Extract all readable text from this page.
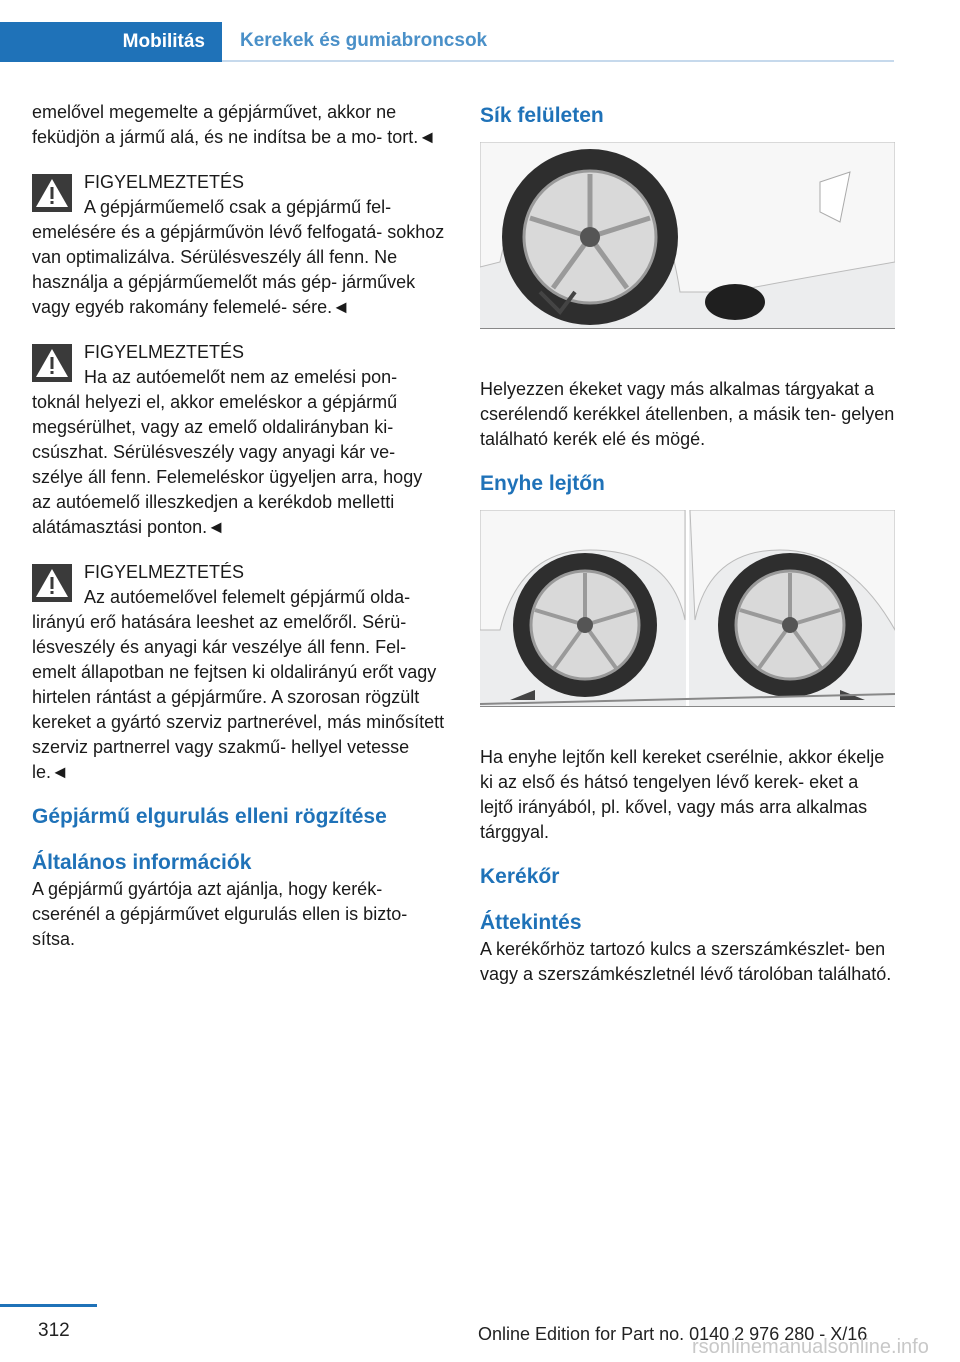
Mobilitás Kerekek és gumiabroncsok

emelővel megemelte a gépjárművet, akkor ne feküdjön a jármű alá, és ne indítsa be a mo‐ tort.◄

FIGYELMEZTETÉS
A gépjárműemelő csak a gépjármű fel‐
emelésére és a gépjárművön lévő felfogatá‐ sokhoz van optimalizálva. Sérülésveszély áll fenn. Ne használja a gépjárműemelőt más gép‐ járművek vagy egyéb rakomány felemelé‐ sére.◄

FIGYELMEZTETÉS
Ha az autóemelőt nem az emelési pon‐
toknál helyezi el, akkor emeléskor a gépjármű megsérülhet, vagy az emelő oldalirányban ki‐ csúszhat. Sérülésveszély vagy anyagi kár ve‐ szélye áll fenn. Felemeléskor ügyeljen arra, hogy az autóemelő illeszkedjen a kerékdob melletti alátámasztási ponton.◄

FIGYELMEZTETÉS
Az autóemelővel felemelt gépjármű olda‐
lirányú erő hatására leeshet az emelőről. Sérü‐ lésveszély és anyagi kár veszélye áll fenn. Fel‐ emelt állapotban ne fejtsen ki oldalirányú erőt vagy hirtelen rántást a gépjárműre. A szorosan rögzült kereket a gyártó szerviz partnerével, más minősített szerviz partnerrel vagy szakmű‐ hellyel vetesse le.◄

Gépjármű elgurulás elleni rögzítése
Általános információk

A gépjármű gyártója azt ajánlja, hogy kerék‐ cserénél a gépjárművet elgurulás ellen is bizto‐ sítsa.

Sík felületen

Helyezzen ékeket vagy más alkalmas tárgyakat a cserélendő kerékkel átellenben, a másik ten‐ gelyen található kerék elé és mögé.

Enyhe lejtőn

Ha enyhe lejtőn kell kereket cserélnie, akkor ékelje ki az első és hátsó tengelyen lévő kerek‐ eket a lejtő irányából, pl. kővel, vagy más arra alkalmas tárggyal.

Kerékőr
Áttekintés

A kerékőrhöz tartozó kulcs a szerszámkészlet‐ ben vagy a szerszámkészletnél lévő tárolóban található.

312	Online Edition for Part no. 0140 2 976 280 - X/16
rsonlinemanualsonline.info
